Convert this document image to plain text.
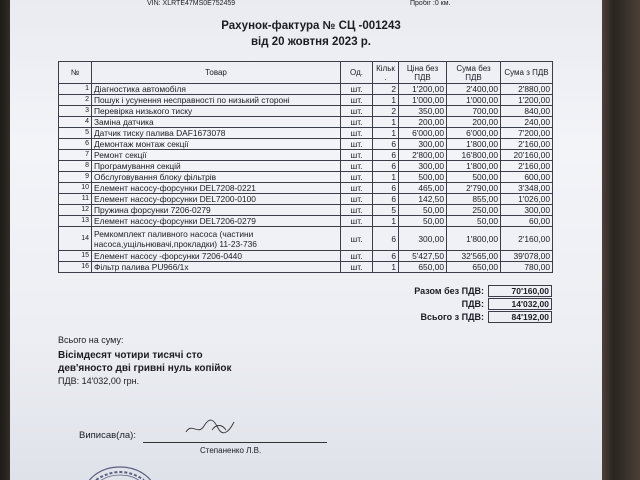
VIN: XLRTE47MS0E752459	Пробіг :0 км.
Рахунок-фактура № СЦ -001243
від 20 жовтня 2023 р.
№	Товар	Од.	Кільк .	Ціна без ПДВ	Сума без ПДВ	Сума з ПДВ
1	Діагностика автомобіля	шт.	2	1'200,00	2'400,00	2'880,00
2	Пошук і усунення несправності по низький стороні	шт.	1	1'000,00	1'000,00	1'200,00
3	Перевірка низького тиску	шт.	2	350,00	700,00	840,00
4	Заміна датчика	шт.	1	200,00	200,00	240,00
5	Датчик тиску палива DAF1673078	шт.	1	6'000,00	6'000,00	7'200,00
6	Демонтаж монтаж секції	шт.	6	300,00	1'800,00	2'160,00
7	Ремонт секції	шт.	6	2'800,00	16'800,00	20'160,00
8	Програмування секцій	шт.	6	300,00	1'800,00	2'160,00
9	Обслуговування блоку фільтрів	шт.	1	500,00	500,00	600,00
10	Елемент насосу-форсунки DEL7208-0221	шт.	6	465,00	2'790,00	3'348,00
11	Елемент насосу-форсунки DEL7200-0100	шт.	6	142,50	855,00	1'026,00
12	Пружина форсунки 7206-0279	шт.	5	50,00	250,00	300,00
13	Елемент насосу-форсунки DEL7206-0279	шт.	1	50,00	50,00	60,00
14	Ремкомплект паливного насоса (частини насоса,ущільнювачі,прокладки) 11-23-736	шт.	6	300,00	1'800,00	2'160,00
15	Елемент насосу -форсунки 7206-0440	шт.	6	5'427,50	32'565,00	39'078,00
16	Фільтр палива PU966/1x	шт.	1	650,00	650,00	780,00
Разом без ПДВ:	70'160,00
ПДВ:	14'032,00
Всього з ПДВ:	84'192,00
Всього на суму:
Вісімдесят чотири тисячі сто
дев'яносто дві гривні нуль копійок
ПДВ: 14'032,00 грн.
Виписав(ла):
Степаненко Л.В.
